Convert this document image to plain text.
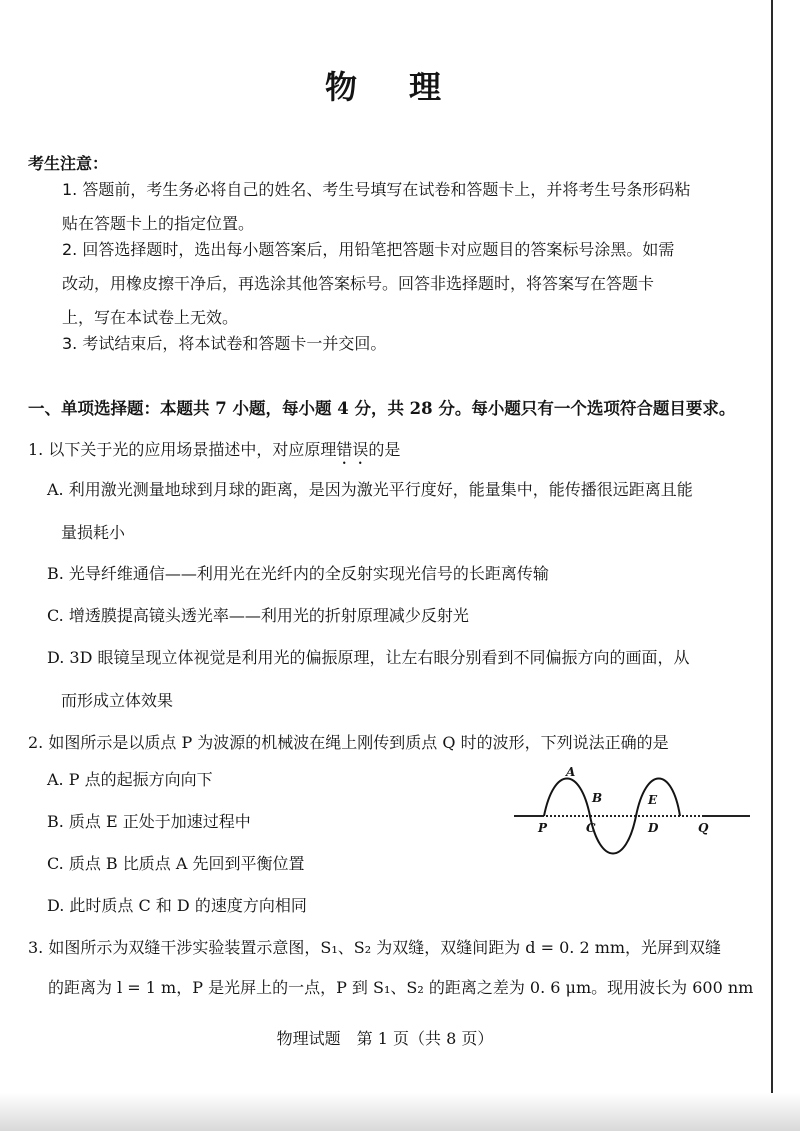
物 理
考生注意：
1. 答题前，考生务必将自己的姓名、考生号填写在试卷和答题卡上，并将考生号条形码粘
贴在答题卡上的指定位置。
2. 回答选择题时，选出每小题答案后，用铅笔把答题卡对应题目的答案标号涂黑。如需
改动，用橡皮擦干净后，再选涂其他答案标号。回答非选择题时，将答案写在答题卡
上，写在本试卷上无效。
3. 考试结束后，将本试卷和答题卡一并交回。
一、单项选择题：本题共 7 小题，每小题 4 分，共 28 分。每小题只有一个选项符合题目要求。
1. 以下关于光的应用场景描述中，对应原理错误的是
A. 利用激光测量地球到月球的距离，是因为激光平行度好，能量集中，能传播很远距离且能
量损耗小
B. 光导纤维通信——利用光在光纤内的全反射实现光信号的长距离传输
C. 增透膜提高镜头透光率——利用光的折射原理减少反射光
D. 3D 眼镜呈现立体视觉是利用光的偏振原理，让左右眼分别看到不同偏振方向的画面，从
而形成立体效果
2. 如图所示是以质点 P 为波源的机械波在绳上刚传到质点 Q 时的波形，下列说法正确的是
A. P 点的起振方向向下
B. 质点 E 正处于加速过程中
C. 质点 B 比质点 A 先回到平衡位置
D. 此时质点 C 和 D 的速度方向相同
A
B
C	D
E
P	Q
3. 如图所示为双缝干涉实验装置示意图，S₁、S₂ 为双缝，双缝间距为 d = 0. 2 mm，光屏到双缝
的距离为 l = 1 m，P 是光屏上的一点，P 到 S₁、S₂ 的距离之差为 0. 6 μm。现用波长为 600 nm
物理试题　第 1 页（共 8 页）
